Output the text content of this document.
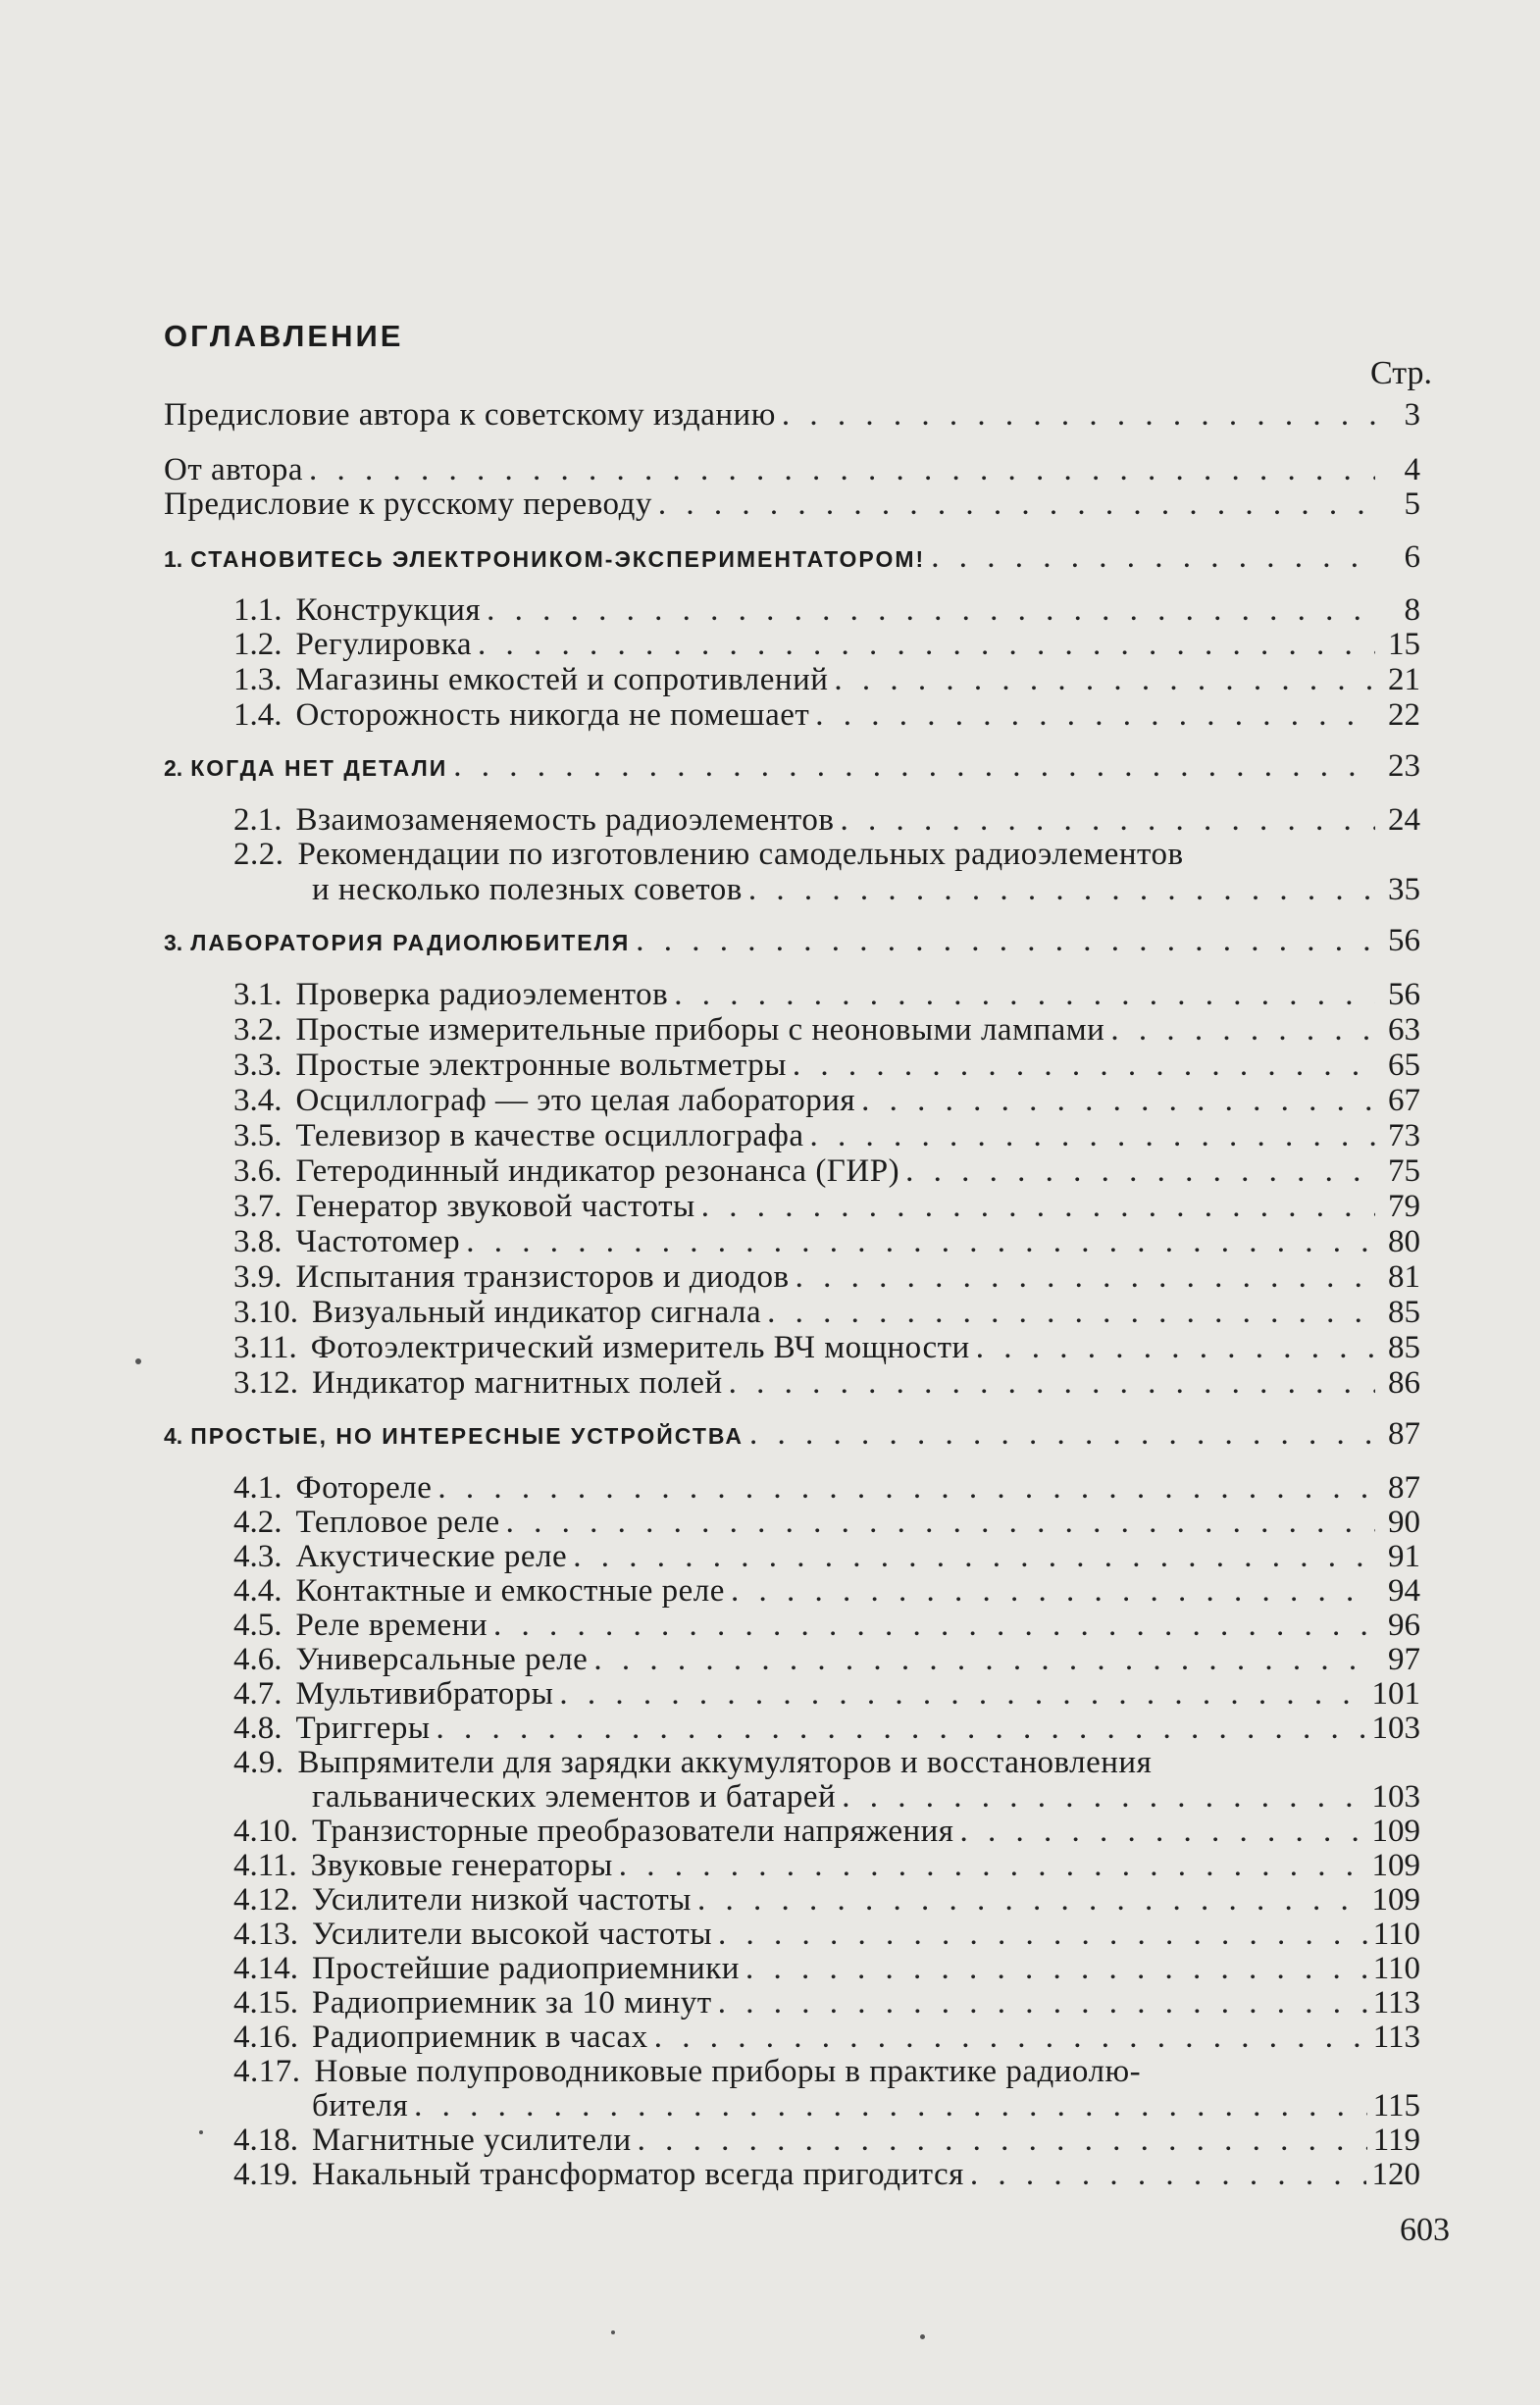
ОГЛАВЛЕНИЕ
Стр.
Предисловие автора к советскому изданию . . .	3
От автора . . .	4
Предисловие к русскому переводу . . .	5
1. СТАНОВИТЕСЬ ЭЛЕКТРОНИКОМ-ЭКСПЕРИМЕНТАТОРОМ! . . .	6
1.1. Конструкция . . .	8
1.2. Регулировка . . .	15
1.3. Магазины емкостей и сопротивлений . . .	21
1.4. Осторожность никогда не помешает . . .	22
2. КОГДА НЕТ ДЕТАЛИ . . .	23
2.1. Взаимозаменяемость радиоэлементов . . .	24
2.2. Рекомендации по изготовлению самодельных радиоэлементов
и несколько полезных советов . . .	35
3. ЛАБОРАТОРИЯ РАДИОЛЮБИТЕЛЯ . . .	56
3.1. Проверка радиоэлементов . . .	56
3.2. Простые измерительные приборы с неоновыми лампами . . .	63
3.3. Простые электронные вольтметры . . .	65
3.4. Осциллограф — это целая лаборатория . . .	67
3.5. Телевизор в качестве осциллографа . . .	73
3.6. Гетеродинный индикатор резонанса (ГИР) . . .	75
3.7. Генератор звуковой частоты . . .	79
3.8. Частотомер . . .	80
3.9. Испытания транзисторов и диодов . . .	81
3.10. Визуальный индикатор сигнала . . .	85
3.11. Фотоэлектрический измеритель ВЧ мощности . . .	85
3.12. Индикатор магнитных полей . . .	86
4. ПРОСТЫЕ, НО ИНТЕРЕСНЫЕ УСТРОЙСТВА . . .	87
4.1. Фотореле . . .	87
4.2. Тепловое реле . . .	90
4.3. Акустические реле . . .	91
4.4. Контактные и емкостные реле . . .	94
4.5. Реле времени . . .	96
4.6. Универсальные реле . . .	97
4.7. Мультивибраторы . . .	101
4.8. Триггеры . . .	103
4.9. Выпрямители для зарядки аккумуляторов и восстановления
гальванических элементов и батарей . . .	103
4.10. Транзисторные преобразователи напряжения . . .	109
4.11. Звуковые генераторы . . .	109
4.12. Усилители низкой частоты . . .	109
4.13. Усилители высокой частоты . . .	110
4.14. Простейшие радиоприемники . . .	110
4.15. Радиоприемник за 10 минут . . .	113
4.16. Радиоприемник в часах . . .	113
4.17. Новые полупроводниковые приборы в практике радиолю-
бителя . . .	115
4.18. Магнитные усилители . . .	119
4.19. Накальный трансформатор всегда пригодится . . .	120
603
